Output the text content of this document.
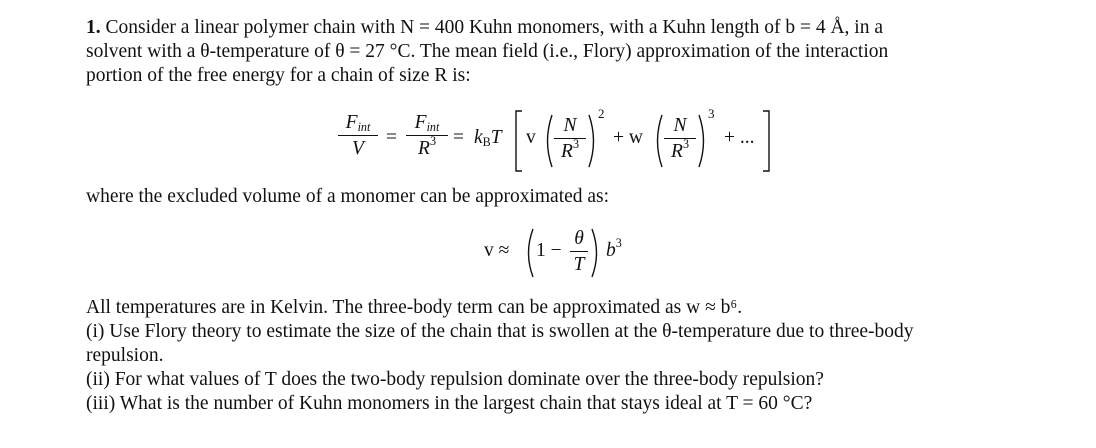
1. Consider a linear polymer chain with N = 400 Kuhn monomers, with a Kuhn length of b = 4 Å, in a
solvent with a θ-temperature of θ = 27 °C. The mean field (i.e., Flory) approximation of the interaction
portion of the free energy for a chain of size R is:
$F_{int}$
V
=
$F_{int}$
$R^3 = k_BT$ v
N
$R^3$
2
+ w
N
$R^3$
3
+ ...
where the excluded volume of a monomer can be approximated as:
v ≈ 1 −
θ
T
$b^3$
All temperatures are in Kelvin. The three-body term can be approximated as w ≈ b⁶.
(i) Use Flory theory to estimate the size of the chain that is swollen at the θ-temperature due to three-body
repulsion.
(ii) For what values of T does the two-body repulsion dominate over the three-body repulsion?
(iii) What is the number of Kuhn monomers in the largest chain that stays ideal at T = 60 °C?
